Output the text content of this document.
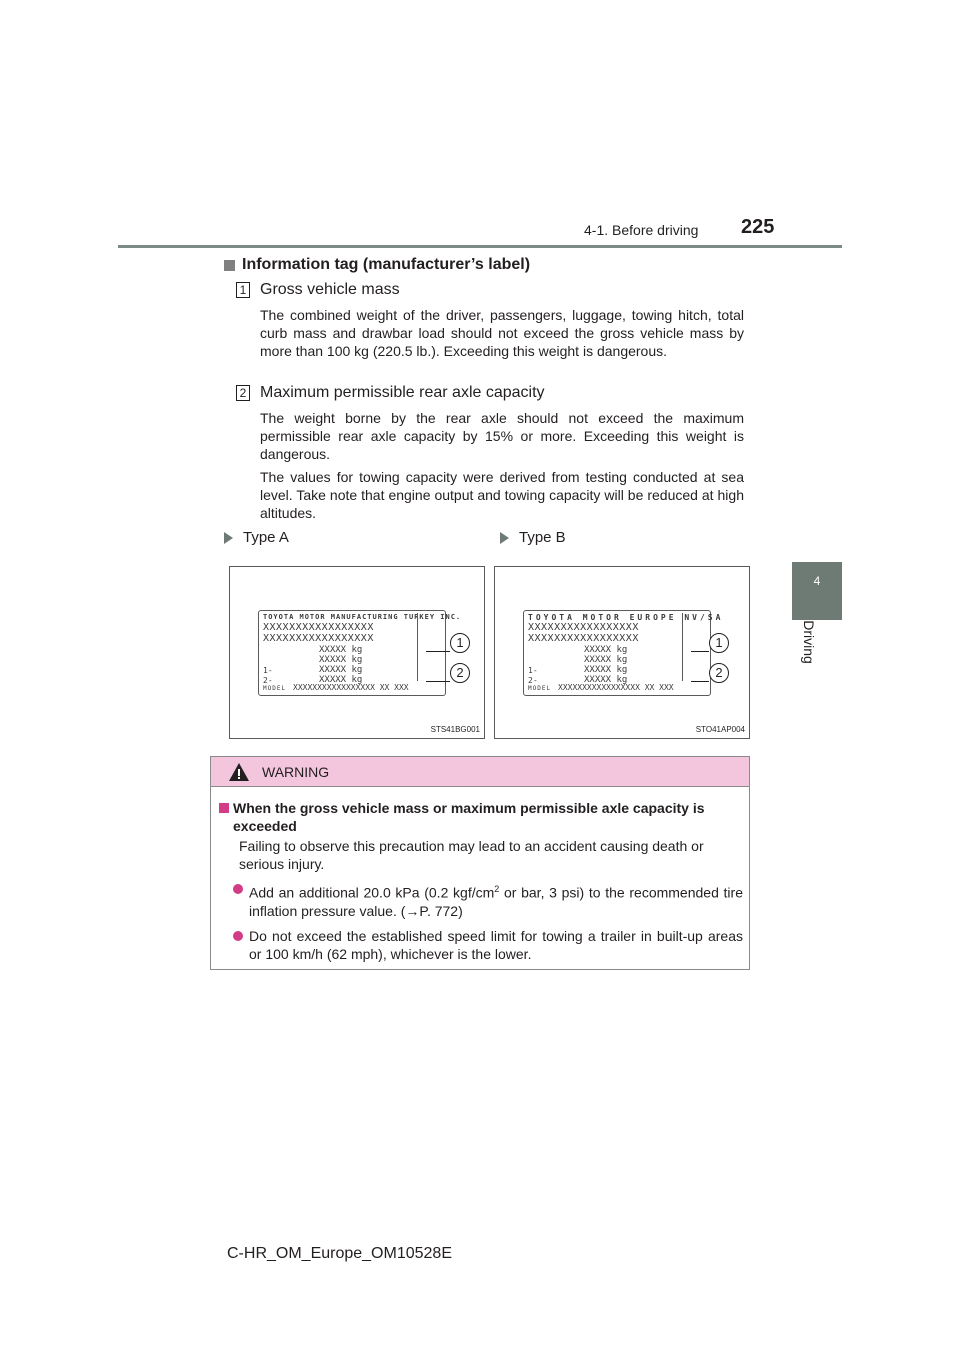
4-1. Before driving 225
4
Driving
Information tag (manufacturer’s label)
1 Gross vehicle mass

The combined weight of the driver, passengers, luggage, towing hitch, total curb mass and drawbar load should not exceed the gross vehicle mass by more than 100 kg (220.5 lb.). Exceeding this weight is dangerous.

2 Maximum permissible rear axle capacity

The weight borne by the rear axle should not exceed the maximum permissible rear axle capacity by 15% or more. Exceeding this weight is dangerous.

The values for towing capacity were derived from testing conducted at sea level. Take note that engine output and towing capacity will be reduced at high altitudes.

Type A	Type B
TOYOTA MOTOR MANUFACTURING TURKEY INC.
XXXXXXXXXXXXXXXXX
XXXXXXXXXXXXXXXXX
XXXXX kg
XXXXX kg
XXXXX kg
XXXXX kg
1-
2-
MODEL XXXXXXXXXXXXXXXXX XX XXX
1
2
STS41BG001
TOYOTA MOTOR EUROPE NV/SA
XXXXXXXXXXXXXXXXX
XXXXXXXXXXXXXXXXX
XXXXX kg
XXXXX kg
XXXXX kg
XXXXX kg
1-
2-
MODEL XXXXXXXXXXXXXXXXX XX XXX
1
2
STO41AP004
WARNING
When the gross vehicle mass or maximum permissible axle capacity is exceeded
Failing to observe this precaution may lead to an accident causing death or serious injury.
Add an additional 20.0 kPa (0.2 kgf/$cm^2$ or bar, 3 psi) to the recommended tire inflation pressure value. (→P. 772)
Do not exceed the established speed limit for towing a trailer in built-up areas or 100 km/h (62 mph), whichever is the lower.
C-HR_OM_Europe_OM10528E
